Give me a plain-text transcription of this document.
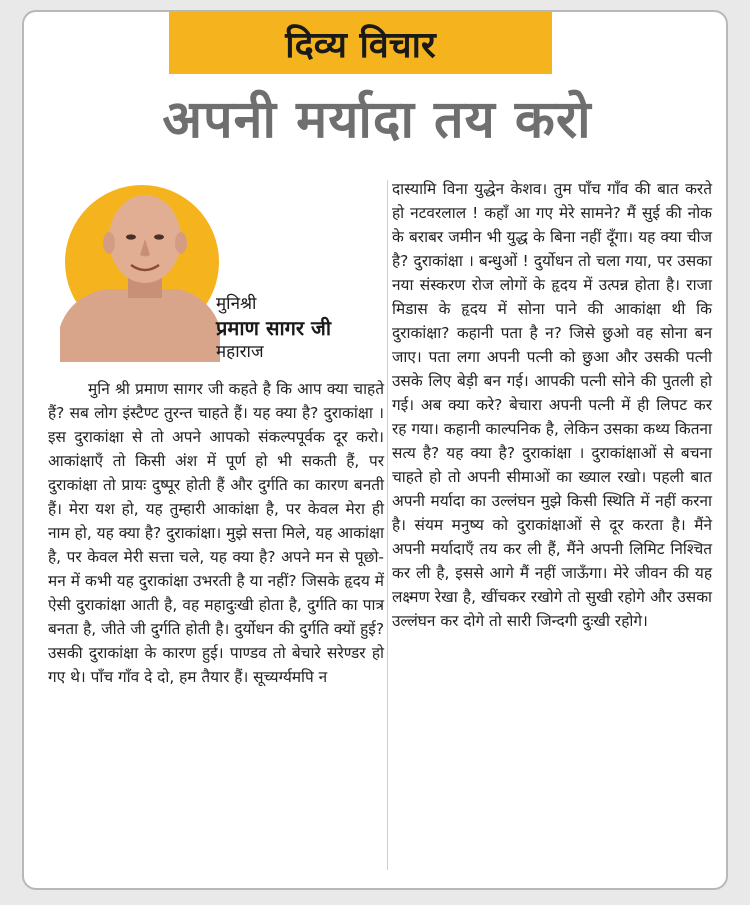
दिव्य विचार
अपनी मर्यादा तय करो
मुनिश्री
प्रमाण सागर जी
महाराज

दास्यामि विना युद्धेन केशव। तुम पाँच गाँव की बात करते हो नटवरलाल ! कहाँ आ गए मेरे सामने? मैं सुई की नोक के बराबर जमीन भी युद्ध के बिना नहीं दूँगा। यह क्या चीज है? दुराकांक्षा । बन्धुओं ! दुर्योधन तो चला गया, पर उसका नया संस्करण रोज लोगों के हृदय में उत्पन्न होता है। राजा मिडास के हृदय में सोना पाने की आकांक्षा थी कि दुराकांक्षा? कहानी पता है न? जिसे छुओ वह सोना बन जाए। पता लगा अपनी पत्नी को छुआ और उसकी पत्नी उसके लिए बेड़ी बन गई। आपकी पत्नी सोने की पुतली हो गई। अब क्या करे? बेचारा अपनी पत्नी में ही लिपट कर रह गया। कहानी काल्पनिक है, लेकिन उसका कथ्य कितना सत्य है? यह क्या है? दुराकांक्षा । दुराकांक्षाओं से बचना चाहते हो तो अपनी सीमाओं का ख्याल रखो। पहली बात अपनी मर्यादा का उल्लंघन मुझे किसी स्थिति में नहीं करना है। संयम मनुष्य को दुराकांक्षाओं से दूर करता है। मैंने अपनी मर्यादाएँ तय कर ली हैं, मैंने अपनी लिमिट निश्चित कर ली है, इससे आगे मैं नहीं जाऊँगा। मेरे जीवन की यह लक्ष्मण रेखा है, खींचकर रखोगे तो सुखी रहोगे और उसका उल्लंघन कर दोगे तो सारी जिन्दगी दुःखी रहोगे।

मुनि श्री प्रमाण सागर जी कहते है कि आप क्या चाहते हैं? सब लोग इंस्टैण्ट तुरन्त चाहते हैं। यह क्या है? दुराकांक्षा । इस दुराकांक्षा से तो अपने आपको संकल्पपूर्वक दूर करो। आकांक्षाएँ तो किसी अंश में पूर्ण हो भी सकती हैं, पर दुराकांक्षा तो प्रायः दुष्पूर होती हैं और दुर्गति का कारण बनती हैं। मेरा यश हो, यह तुम्हारी आकांक्षा है, पर केवल मेरा ही नाम हो, यह क्या है? दुराकांक्षा। मुझे सत्ता मिले, यह आकांक्षा है, पर केवल मेरी सत्ता चले, यह क्या है? अपने मन से पूछो- मन में कभी यह दुराकांक्षा उभरती है या नहीं? जिसके हृदय में ऐसी दुराकांक्षा आती है, वह महादुःखी होता है, दुर्गति का पात्र बनता है, जीते जी दुर्गति होती है। दुर्योधन की दुर्गति क्यों हुई? उसकी दुराकांक्षा के कारण हुई। पाण्डव तो बेचारे सरेण्डर हो गए थे। पाँच गाँव दे दो, हम तैयार हैं। सूच्यर्ग्यमपि न
